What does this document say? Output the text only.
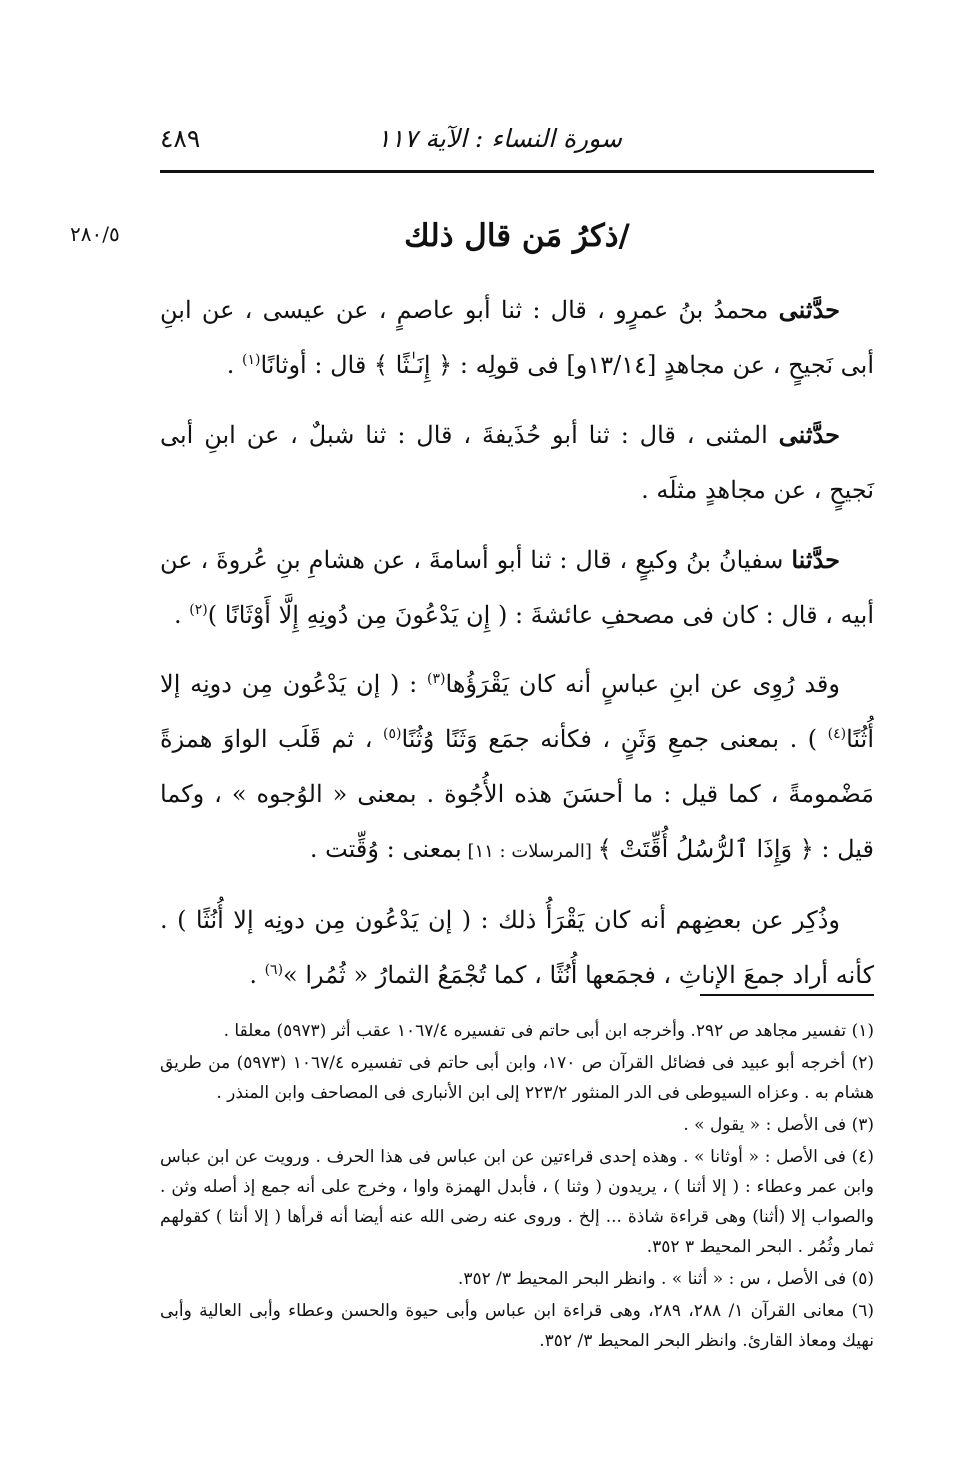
سورة النساء : الآية ١١٧
٤٨٩
٢٨٠/٥	/ذكرُ مَن قال ذلك

حدَّثنى محمدُ بنُ عمرٍو ، قال : ثنا أبو عاصمٍ ، عن عيسى ، عن ابنِ أبى نَجيحٍ ، عن مجاهدٍ [١٣/١٤و] فى قولِه : ﴿ إِنَـٰثًا ﴾ قال : أوثانًا$^{(١)}$ .

حدَّثنى المثنى ، قال : ثنا أبو حُذَيفةَ ، قال : ثنا شبلٌ ، عن ابنِ أبى نَجيحٍ ، عن مجاهدٍ مثلَه .

حدَّثنا سفيانُ بنُ وكيعٍ ، قال : ثنا أبو أسامةَ ، عن هشامِ بنِ عُروةَ ، عن أبيه ، قال : كان فى مصحفِ عائشةَ : ( إِن يَدْعُونَ مِن دُونِهِ إِلَّا أَوْثَانًا )$^{(٢)}$ .

وقد رُوِى عن ابنِ عباسٍ أنه كان يَقْرَؤُها$^{(٣)}$ : ( إن يَدْعُون مِن دونِه إلا أُثُنًا$^{(٤)}$ ) . بمعنى جمعِ وَثَنٍ ، فكأنه جمَع وَثَنًا وُثُنًا$^{(٥)}$ ، ثم قَلَب الواوَ همزةً مَضْمومةً ، كما قيل : ما أحسَنَ هذه الأُجُوة . بمعنى « الوُجوه » ، وكما قيل : ﴿ وَإِذَا ٱلرُّسُلُ أُقِّتَتْ ﴾ [المرسلات : ١١] بمعنى : وُقِّتت .

وذُكِر عن بعضِهم أنه كان يَقْرَأُ ذلك : ( إن يَدْعُون مِن دونِه إلا أُنُثًا ) . كأنه أراد جمعَ الإناثِ ، فجمَعها أُنُثًا ، كما تُجْمَعُ الثمارُ « ثُمُرا »$^{(٦)}$ .

(١) تفسير مجاهد ص ٢٩٢. وأخرجه ابن أبى حاتم فى تفسيره ١٠٦٧/٤ عقب أثر (٥٩٧٣) معلقا .
(٢) أخرجه أبو عبيد فى فضائل القرآن ص ١٧٠، وابن أبى حاتم فى تفسيره ١٠٦٧/٤ (٥٩٧٣) من طريق هشام به . وعزاه السيوطى فى الدر المنثور ٢٢٣/٢ إلى ابن الأنبارى فى المصاحف وابن المنذر .
(٣) فى الأصل : « يقول » .
(٤) فى الأصل : « أوثانا » . وهذه إحدى قراءتين عن ابن عباس فى هذا الحرف . ورويت عن ابن عباس وابن عمر وعطاء : ( إلا أثنا ) ، يريدون ( وثنا ) ، فأبدل الهمزة واوا ، وخرج على أنه جمع إذ أصله وثن . والصواب إلا (أثنا) وهى قراءة شاذة ... إلخ . وروى عنه رضى الله عنه أيضا أنه قرأها ( إلا أنثا ) كقولهم ثمار وثُمُر . البحر المحيط ٣ ٣٥٢.
(٥) فى الأصل ، س : « أثنا » . وانظر البحر المحيط ٣/ ٣٥٢.
(٦) معانى القرآن ١/ ٢٨٨، ٢٨٩، وهى قراءة ابن عباس وأبى حيوة والحسن وعطاء وأبى العالية وأبى نهيك ومعاذ القارئ. وانظر البحر المحيط ٣/ ٣٥٢.
